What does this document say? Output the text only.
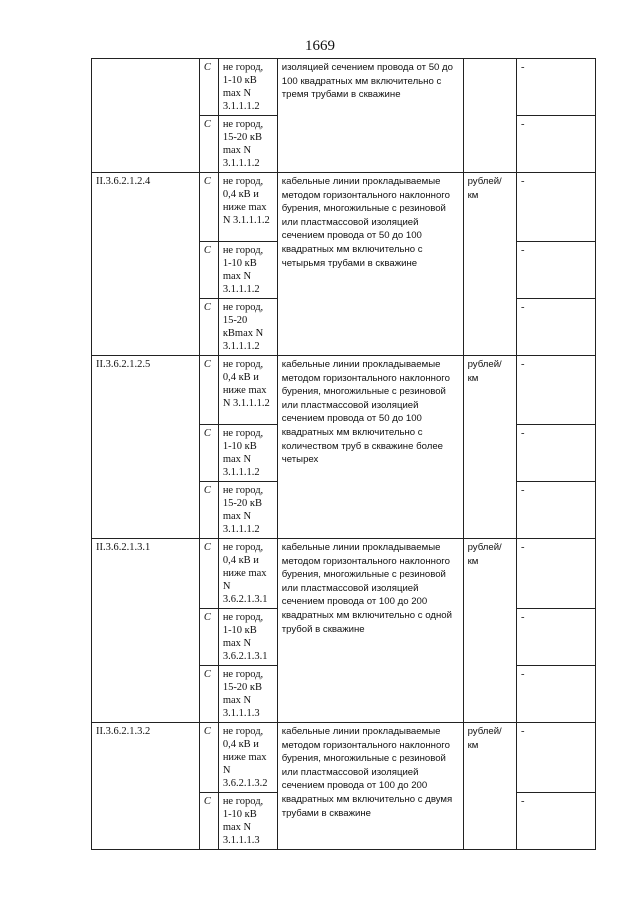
1669
	C	не город, 1-10 кВ max N 3.1.1.1.2	изоляцией сечением провода от 50 до 100 квадратных мм включительно с тремя трубами в скважине		-
	C	не город, 15-20 кВ max N 3.1.1.1.2			-
II.3.6.2.1.2.4	C	не город, 0,4 кВ и ниже max N 3.1.1.1.2	кабельные линии прокладываемые методом горизонтального наклонного бурения, многожильные с резиновой или пластмассовой изоляцией сечением провода от 50 до 100 квадратных мм включительно с четырьмя трубами в скважине	рублей/ км	-
	C	не город, 1-10 кВ max N 3.1.1.1.2			-
	C	не город, 15-20 кВmax N 3.1.1.1.2			-
II.3.6.2.1.2.5	C	не город, 0,4 кВ и ниже max N 3.1.1.1.2	кабельные линии прокладываемые методом горизонтального наклонного бурения, многожильные с резиновой или пластмассовой изоляцией сечением провода от 50 до 100 квадратных мм включительно с количеством труб в скважине более четырех	рублей/ км	-
	C	не город, 1-10 кВ max N 3.1.1.1.2			-
	C	не город, 15-20 кВ max N 3.1.1.1.2			-
II.3.6.2.1.3.1	C	не город, 0,4 кВ и ниже max N 3.6.2.1.3.1	кабельные линии прокладываемые методом горизонтального наклонного бурения, многожильные с резиновой или пластмассовой изоляцией сечением провода от 100 до 200 квадратных мм включительно с одной трубой в скважине	рублей/ км	-
	C	не город, 1-10 кВ max N 3.6.2.1.3.1			-
	C	не город, 15-20 кВ max N 3.1.1.1.3			-
II.3.6.2.1.3.2	C	не город, 0,4 кВ и ниже max N 3.6.2.1.3.2	кабельные линии прокладываемые методом горизонтального наклонного бурения, многожильные с резиновой или пластмассовой изоляцией сечением провода от 100 до 200 квадратных мм включительно с двумя трубами в скважине	рублей/ км	-
	C	не город, 1-10 кВ max N 3.1.1.1.3			-
